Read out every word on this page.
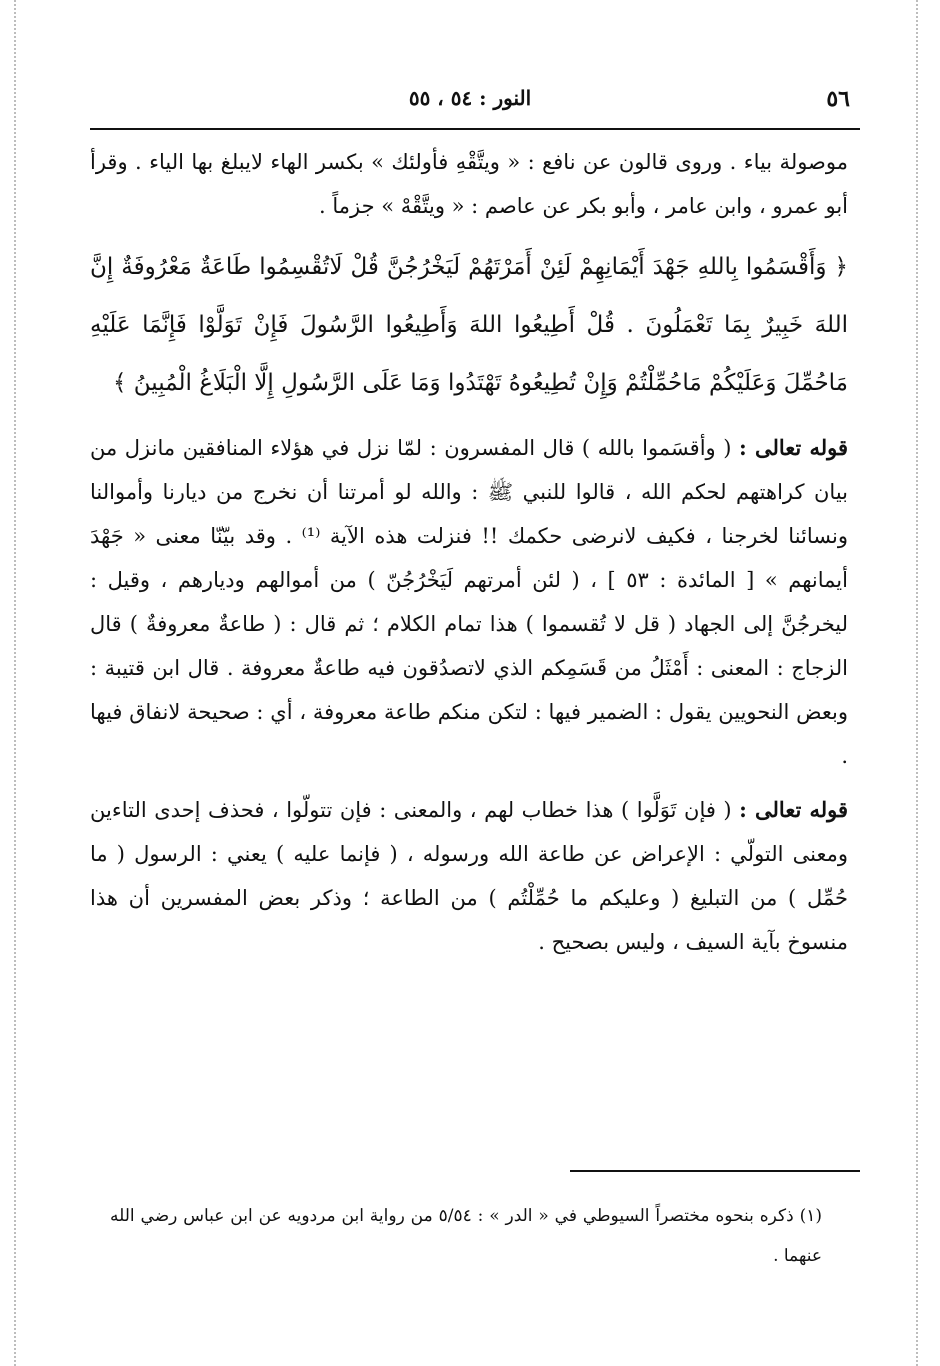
٥٦
النور : ٥٤ ، ٥٥

موصولة بياء . وروى قالون عن نافع : « ويتَّقْهِ فأولئك » بكسر الهاء لايبلغ بها الياء . وقرأ أبو عمرو ، وابن عامر ، وأبو بكر عن عاصم : « ويتَّقْهْ » جزماً .

﴿ وَأَقْسَمُوا بِاللهِ جَهْدَ أَيْمَانِهِمْ لَئِنْ أَمَرْتَهُمْ لَيَخْرُجُنَّ قُلْ لَاتُقْسِمُوا طَاعَةٌ مَعْرُوفَةٌ إِنَّ اللهَ خَبِيرٌ بِمَا تَعْمَلُونَ . قُلْ أَطِيعُوا اللهَ وَأَطِيعُوا الرَّسُولَ فَإِنْ تَوَلَّوْا فَإِنَّمَا عَلَيْهِ مَاحُمِّلَ وَعَلَيْكُمْ مَاحُمِّلْتُمْ وَإِنْ تُطِيعُوهُ تَهْتَدُوا وَمَا عَلَى الرَّسُولِ إِلَّا الْبَلَاغُ الْمُبِينُ ﴾

قوله تعالى : ( وأقسَموا بالله ) قال المفسرون : لمّا نزل في هؤلاء المنافقين مانزل من بيان كراهتهم لحكم الله ، قالوا للنبي ﷺ : والله لو أمرتنا أن نخرج من ديارنا وأموالنا ونسائنا لخرجنا ، فكيف لانرضى حكمك !! فنزلت هذه الآية ⁽¹⁾ . وقد بيّنّا معنى « جَهْدَ أيمانهم » [ المائدة : ٥٣ ] ، ( لئن أمرتهم لَيَخْرُجُنّ ) من أموالهم وديارهم ، وقيل : ليخرجُنَّ إلى الجهاد ( قل لا تُقسموا ) هذا تمام الكلام ؛ ثم قال : ( طاعةٌ معروفةٌ ) قال الزجاج : المعنى : أَمْثَلُ من قَسَمِكم الذي لاتصدُقون فيه طاعةٌ معروفة . قال ابن قتيبة : وبعض النحويين يقول : الضمير فيها : لتكن منكم طاعة معروفة ، أي : صحيحة لانفاق فيها .

قوله تعالى : ( فإن تَوَلَّوا ) هذا خطاب لهم ، والمعنى : فإن تتولّوا ، فحذف إحدى التاءين ومعنى التولّي : الإعراض عن طاعة الله ورسوله ، ( فإنما عليه ) يعني : الرسول ( ما حُمِّل ) من التبليغ ( وعليكم ما حُمِّلْتُم ) من الطاعة ؛ وذكر بعض المفسرين أن هذا منسوخ بآية السيف ، وليس بصحيح .

(١) ذكره بنحوه مختصراً السيوطي في « الدر » : ٥/٥٤ من رواية ابن مردويه عن ابن عباس رضي الله عنهما .
